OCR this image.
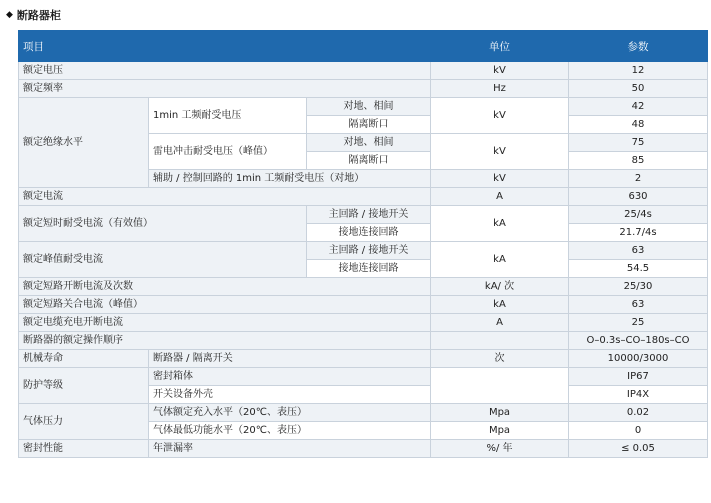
◆ 断路器柜
项目			单位	参数
额定电压			kV	12
额定频率			Hz	50
额定绝缘水平	1min 工频耐受电压	对地、相间	kV	42
		隔离断口		48
	雷电冲击耐受电压（峰值）	对地、相间	kV	75
		隔离断口		85
	辅助 / 控制回路的 1min 工频耐受电压（对地）		kV	2
额定电流			A	630
额定短时耐受电流（有效值）		主回路 / 接地开关	kA	25/4s
		接地连接回路		21.7/4s
额定峰值耐受电流		主回路 / 接地开关	kA	63
		接地连接回路		54.5
额定短路开断电流及次数			kA/ 次	25/30
额定短路关合电流（峰值）			kA	63
额定电缆充电开断电流			A	25
断路器的额定操作顺序				O–0.3s–CO–180s–CO
机械寿命	断路器 / 隔离开关		次	10000/3000
防护等级	密封箱体			IP67
	开关设备外壳			IP4X
气体压力	气体额定充入水平（20℃、表压）		Mpa	0.02
	气体最低功能水平（20℃、表压）		Mpa	0
密封性能	年泄漏率		%/ 年	≤ 0.05
